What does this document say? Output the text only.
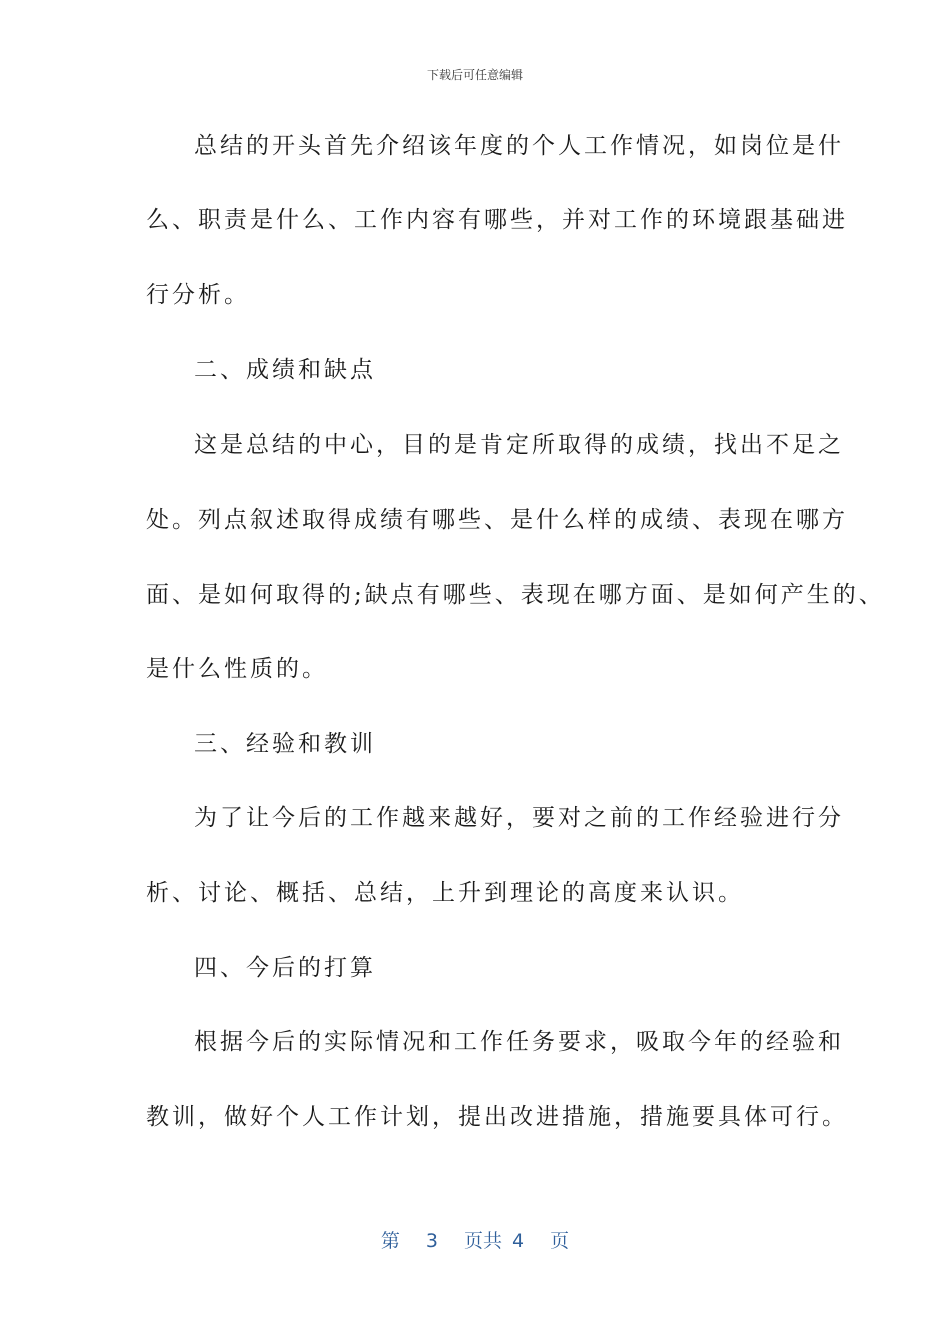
下载后可任意编辑
总结的开头首先介绍该年度的个人工作情况，如岗位是什
么、职责是什么、工作内容有哪些，并对工作的环境跟基础进
行分析。
二、成绩和缺点
这是总结的中心，目的是肯定所取得的成绩，找出不足之
处。列点叙述取得成绩有哪些、是什么样的成绩、表现在哪方
面、是如何取得的;缺点有哪些、表现在哪方面、是如何产生的、
是什么性质的。
三、经验和教训
为了让今后的工作越来越好，要对之前的工作经验进行分
析、讨论、概括、总结，上升到理论的高度来认识。
四、今后的打算
根据今后的实际情况和工作任务要求，吸取今年的经验和
教训，做好个人工作计划，提出改进措施，措施要具体可行。
第 3 页共 4 页
